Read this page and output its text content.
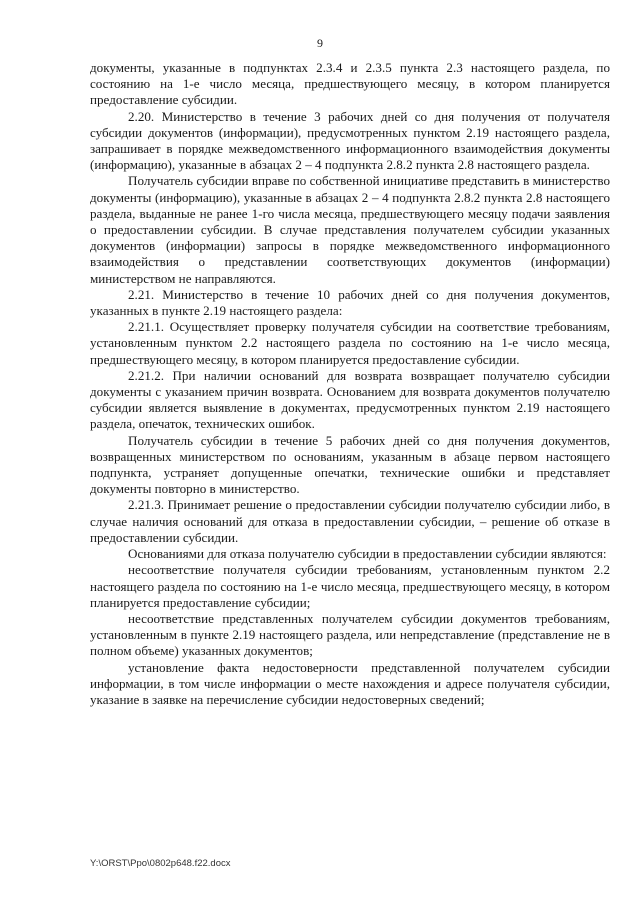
9

документы, указанные в подпунктах 2.3.4 и 2.3.5 пункта 2.3 настоящего раздела, по состоянию на 1-е число месяца, предшествующего месяцу, в котором планируется предоставление субсидии.

2.20. Министерство в течение 3 рабочих дней со дня получения от получателя субсидии документов (информации), предусмотренных пунктом 2.19 настоящего раздела, запрашивает в порядке межведомственного информационного взаимодействия документы (информацию), указанные в абзацах 2 – 4 подпункта 2.8.2 пункта 2.8 настоящего раздела.

Получатель субсидии вправе по собственной инициативе представить в министерство документы (информацию), указанные в абзацах 2 – 4 подпункта 2.8.2 пункта 2.8 настоящего раздела, выданные не ранее 1-го числа месяца, предшествующего месяцу подачи заявления о предоставлении субсидии. В случае представления получателем субсидии указанных документов (информации) запросы в порядке межведомственного информационного взаимодействия о представлении соответствующих документов (информации) министерством не направляются.

2.21. Министерство в течение 10 рабочих дней со дня получения документов, указанных в пункте 2.19 настоящего раздела:

2.21.1. Осуществляет проверку получателя субсидии на соответствие требованиям, установленным пунктом 2.2 настоящего раздела по состоянию на 1-е число месяца, предшествующего месяцу, в котором планируется предоставление субсидии.

2.21.2. При наличии оснований для возврата возвращает получателю субсидии документы с указанием причин возврата. Основанием для возврата документов получателю субсидии является выявление в документах, предусмотренных пунктом 2.19 настоящего раздела, опечаток, технических ошибок.

Получатель субсидии в течение 5 рабочих дней со дня получения документов, возвращенных министерством по основаниям, указанным в абзаце первом настоящего подпункта, устраняет допущенные опечатки, технические ошибки и представляет документы повторно в министерство.

2.21.3. Принимает решение о предоставлении субсидии получателю субсидии либо, в случае наличия оснований для отказа в предоставлении субсидии, – решение об отказе в предоставлении субсидии.

Основаниями для отказа получателю субсидии в предоставлении субсидии являются:

несоответствие получателя субсидии требованиям, установленным пунктом 2.2 настоящего раздела по состоянию на 1-е число месяца, предшествующего месяцу, в котором планируется предоставление субсидии;

несоответствие представленных получателем субсидии документов требованиям, установленным в пункте 2.19 настоящего раздела, или непредставление (представление не в полном объеме) указанных документов;

установление факта недостоверности представленной получателем субсидии информации, в том числе информации о месте нахождения и адресе получателя субсидии, указание в заявке на перечисление субсидии недостоверных сведений;

Y:\ORST\Ppo\0802p648.f22.docx
